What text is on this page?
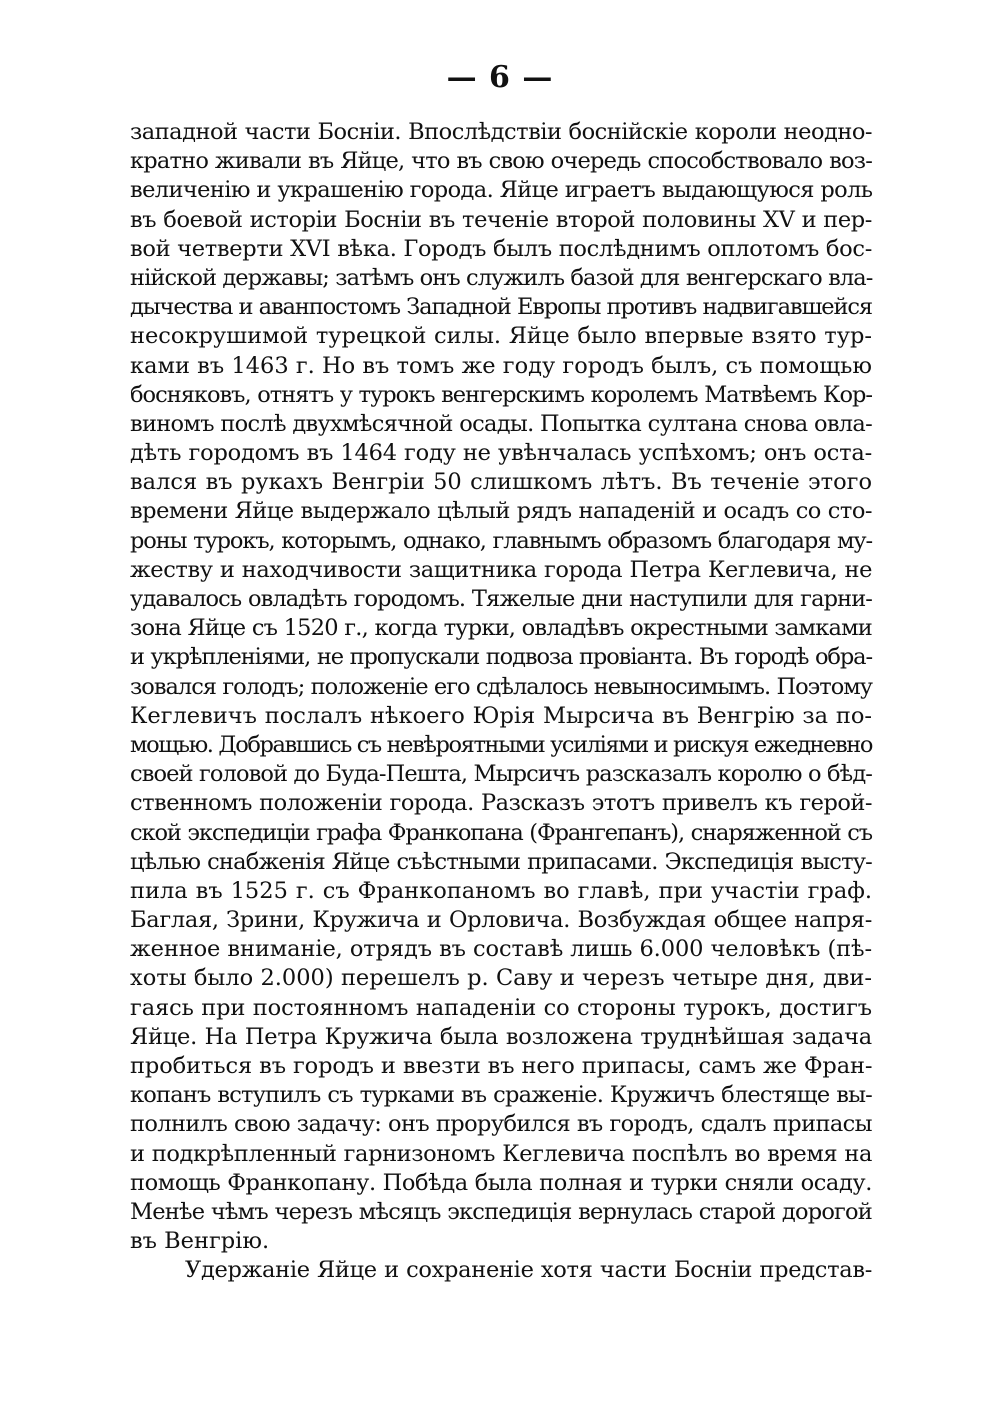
— 6 —
западной части Босніи. Впослѣдствіи боснійскіе короли неодно-
кратно живали въ Яйце, что въ свою очередь способствовало воз-
величенію и украшенію города. Яйце играетъ выдающуюся роль
въ боевой исторіи Босніи въ теченіе второй половины XV и пер-
вой четверти XVI вѣка. Городъ былъ послѣднимъ оплотомъ бос-
нійской державы; затѣмъ онъ служилъ базой для венгерскаго вла-
дычества и аванпостомъ Западной Европы противъ надвигавшейся
несокрушимой турецкой силы. Яйце было впервые взято тур-
ками въ 1463 г. Но въ томъ же году городъ былъ, съ помощью
босняковъ, отнятъ у турокъ венгерскимъ королемъ Матвѣемъ Кор-
виномъ послѣ двухмѣсячной осады. Попытка султана снова овла-
дѣть городомъ въ 1464 году не увѣнчалась успѣхомъ; онъ оста-
вался въ рукахъ Венгріи 50 слишкомъ лѣтъ. Въ теченіе этого
времени Яйце выдержало цѣлый рядъ нападеній и осадъ со сто-
роны турокъ, которымъ, однако, главнымъ образомъ благодаря му-
жеству и находчивости защитника города Петра Кеглевича, не
удавалось овладѣть городомъ. Тяжелые дни наступили для гарни-
зона Яйце съ 1520 г., когда турки, овладѣвъ окрестными замками
и укрѣпленіями, не пропускали подвоза провіанта. Въ городѣ обра-
зовался голодъ; положеніе его сдѣлалось невыносимымъ. Поэтому
Кеглевичъ послалъ нѣкоего Юрія Мырсича въ Венгрію за по-
мощью. Добравшись съ невѣроятными усиліями и рискуя ежедневно
своей головой до Буда-Пешта, Мырсичъ разсказалъ королю о бѣд-
ственномъ положеніи города. Разсказъ этотъ привелъ къ герой-
ской экспедиціи графа Франкопана (Франгепанъ), снаряженной съ
цѣлью снабженія Яйце съѣстными припасами. Экспедиція высту-
пила въ 1525 г. съ Франкопаномъ во главѣ, при участіи граф.
Баглая, Зрини, Кружича и Орловича. Возбуждая общее напря-
женное вниманіе, отрядъ въ составѣ лишь 6.000 человѣкъ (пѣ-
хоты было 2.000) перешелъ р. Саву и черезъ четыре дня, дви-
гаясь при постоянномъ нападеніи со стороны турокъ, достигъ
Яйце. На Петра Кружича была возложена труднѣйшая задача
пробиться въ городъ и ввезти въ него припасы, самъ же Фран-
копанъ вступилъ съ турками въ сраженіе. Кружичъ блестяще вы-
полнилъ свою задачу: онъ прорубился въ городъ, сдалъ припасы
и подкрѣпленный гарнизономъ Кеглевича поспѣлъ во время на
помощь Франкопану. Побѣда была полная и турки сняли осаду.
Менѣе чѣмъ черезъ мѣсяцъ экспедиція вернулась старой дорогой
въ Венгрію.
Удержаніе Яйце и сохраненіе хотя части Босніи представ-
